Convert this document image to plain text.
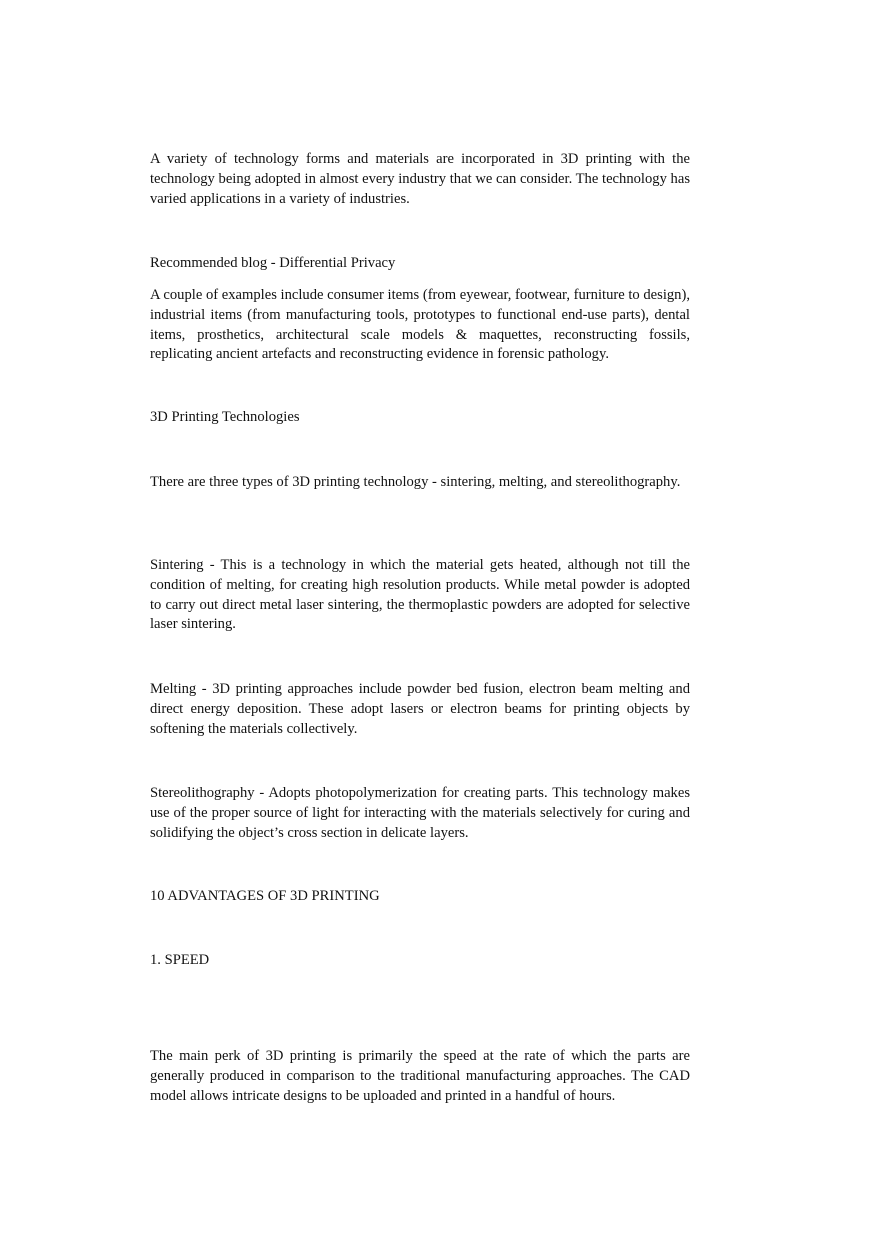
A variety of technology forms and materials are incorporated in 3D printing with the technology being adopted in almost every industry that we can consider. The technology has varied applications in a variety of industries.

Recommended blog - Differential Privacy

A couple of examples include consumer items (from eyewear, footwear, furniture to design), industrial items (from manufacturing tools, prototypes to functional end-use parts), dental items, prosthetics, architectural scale models & maquettes, reconstructing fossils, replicating ancient artefacts and reconstructing evidence in forensic pathology.

3D Printing Technologies

There are three types of 3D printing technology - sintering, melting, and stereolithography.

Sintering - This is a technology in which the material gets heated, although not till the condition of melting, for creating high resolution products. While metal powder is adopted to carry out direct metal laser sintering, the thermoplastic powders are adopted for selective laser sintering.

Melting - 3D printing approaches include powder bed fusion, electron beam melting and direct energy deposition. These adopt lasers or electron beams for printing objects by softening the materials collectively.

Stereolithography - Adopts photopolymerization for creating parts. This technology makes use of the proper source of light for interacting with the materials selectively for curing and solidifying the object’s cross section in delicate layers.

10 ADVANTAGES OF 3D PRINTING

1. SPEED

The main perk of 3D printing is primarily the speed at the rate of which the parts are generally produced in comparison to the traditional manufacturing approaches. The CAD model allows intricate designs to be uploaded and printed in a handful of hours.
